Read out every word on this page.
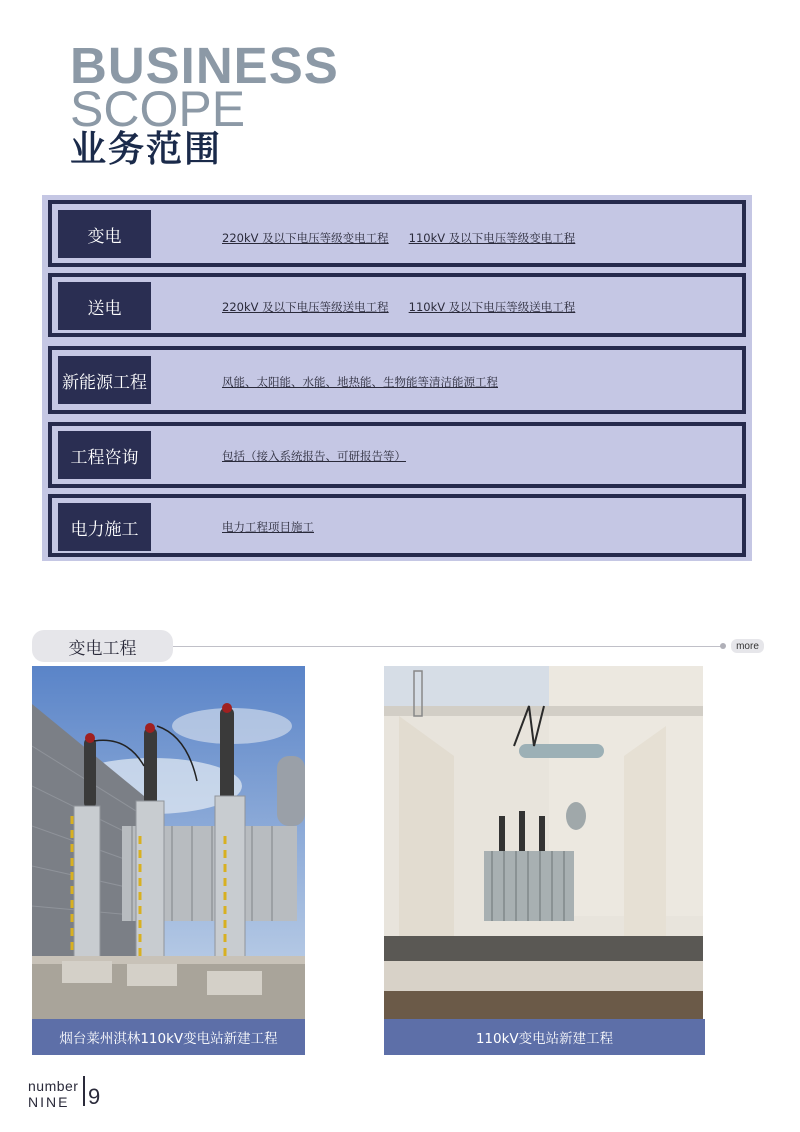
BUSINESS
SCOPE
业务范围
变电	220kV 及以下电压等级变电工程 110kV 及以下电压等级变电工程
送电	220kV 及以下电压等级送电工程 110kV 及以下电压等级送电工程
新能源工程	风能、太阳能、水能、地热能、生物能等清洁能源工程
工程咨询	包括（接入系统报告、可研报告等）
电力施工	电力工程项目施工
变电工程	more
烟台莱州淇林110kV变电站新建工程	110kV变电站新建工程
number
NINE 9
